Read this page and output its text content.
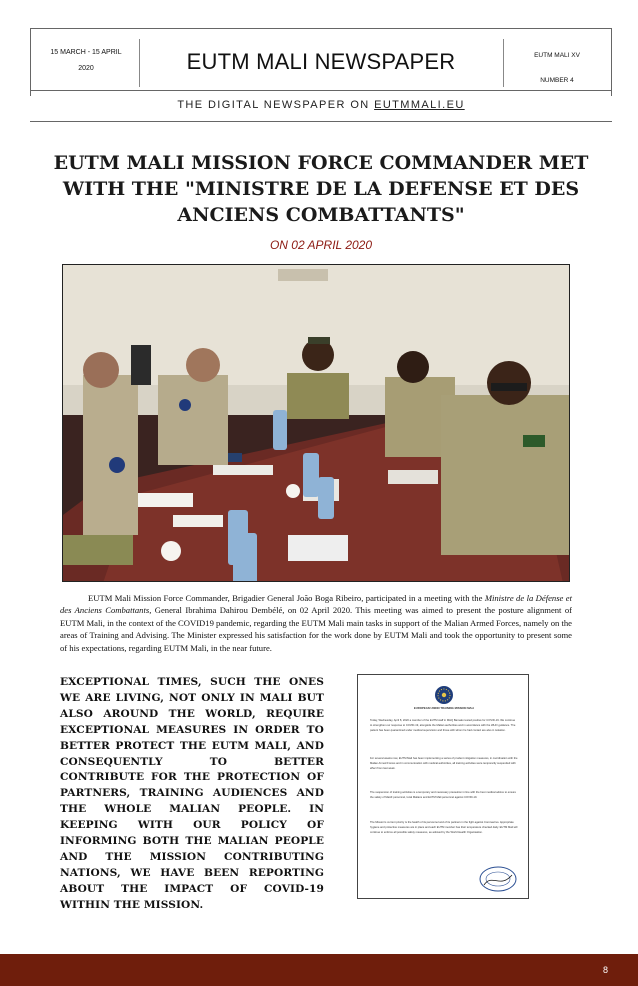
15 MARCH - 15 APRIL
2020	EUTM MALI NEWSPAPER	EUTM MALI XV
NUMBER 4
THE DIGITAL NEWSPAPER ON EUTMMALI.EU
EUTM MALI MISSION FORCE COMMANDER MET WITH THE "MINISTRE DE LA DEFENSE ET DES ANCIENS COMBATTANTS"
ON 02 APRIL 2020

EUTM Mali Mission Force Commander, Brigadier General João Boga Ribeiro, participated in a meeting with the Ministre de la Défense et des Anciens Combattants, General Ibrahima Dahirou Dembélé, on 02 April 2020. This meeting was aimed to present the posture alignment of EUTM Mali, in the context of the COVID19 pandemic, regarding the EUTM Mali main tasks in support of the Malian Armed Forces, namely on the areas of Training and Advising. The Minister expressed his satisfaction for the work done by EUTM Mali and took the opportunity to present some of his expectations, regarding EUTM Mali, in the near future.

EXCEPTIONAL TIMES, SUCH THE ONES WE ARE LIVING, NOT ONLY IN MALI BUT ALSO AROUND THE WORLD, REQUIRE EXCEPTIONAL MEASURES IN ORDER TO BETTER PROTECT THE EUTM MALI, AND CONSEQUENTLY TO BETTER CONTRIBUTE FOR THE PROTECTION OF PARTNERS, TRAINING AUDIENCES AND THE WHOLE MALIAN PEOPLE. IN KEEPING WITH OUR POLICY OF INFORMING BOTH THE MALIAN PEOPLE AND THE MISSION CONTRIBUTING NATIONS, WE HAVE BEEN REPORTING ABOUT THE IMPACT OF COVID-19 WITHIN THE MISSION.

EUROPEAN UNION TRAINING MISSION MALI
Today, Wednesday, April 8, 2020 a member of the EUTM staff in MHQ Bamako tested positive for COVID-19. We continue to strengthen our response to COVID-19, alongside the Malian authorities and in accordance with the WHO guidance. The patient has been quarantined under medical supervision and those with whom he had contact are also in isolation.
For several weeks now, EUTM Mali has been implementing a series of prudent mitigation measures, in coordination with the Malian Armed Forces and in communication with medical authorities, all training activities were temporarily suspended with effect from last week.
The suspension of training activities is a temporary and necessary precaution in line with the best medical advice to ensure the safety of MaAF personnel, local Malians and EUTM Mali personnel against COVID-19.
The Mission's current priority is the health of its personnel and of its partners in the fight against Coronavirus. Appropriate hygiene and protective measures are in place and each EUTM member has their temperature checked daily. EUTM Mali will continue to enforce all possible safety measures, as advised by the World Health Organisation.
8
